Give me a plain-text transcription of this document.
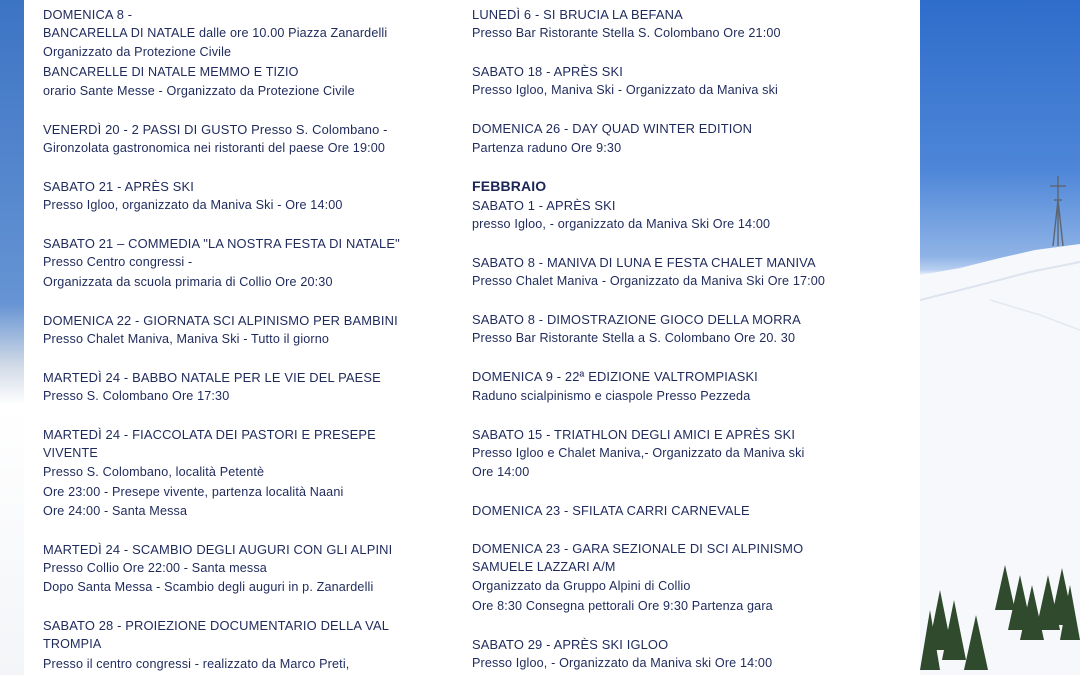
DOMENICA 8 -
BANCARELLA DI NATALE dalle ore 10.00 Piazza Zanardelli
Organizzato da Protezione Civile
BANCARELLE DI NATALE MEMMO E TIZIO
orario Sante Messe - Organizzato da Protezione Civile
VENERDÌ 20 - 2 PASSI DI GUSTO Presso S. Colombano -
Gironzolata gastronomica nei ristoranti del paese Ore 19:00
SABATO 21 - APRÈS SKI
Presso Igloo, organizzato da Maniva Ski - Ore 14:00
SABATO 21 – COMMEDIA "LA NOSTRA FESTA DI NATALE"
Presso Centro congressi -
Organizzata da scuola primaria di Collio Ore 20:30
DOMENICA 22 - GIORNATA SCI ALPINISMO PER BAMBINI
Presso Chalet Maniva, Maniva Ski - Tutto il giorno
MARTEDÌ 24 - BABBO NATALE PER LE VIE DEL PAESE
Presso S. Colombano Ore 17:30
MARTEDÌ 24 - FIACCOLATA DEI PASTORI E PRESEPE
VIVENTE
Presso S. Colombano, località Petentè
Ore 23:00 - Presepe vivente, partenza località Naani
Ore 24:00 - Santa Messa
MARTEDÌ 24 - SCAMBIO DEGLI AUGURI CON GLI ALPINI
Presso Collio Ore 22:00 - Santa messa
Dopo Santa Messa - Scambio degli auguri in p. Zanardelli
SABATO 28 - PROIEZIONE DOCUMENTARIO DELLA VAL
TROMPIA
Presso il centro congressi - realizzato da Marco Preti,
LUNEDÌ 6 - SI BRUCIA LA BEFANA
Presso Bar Ristorante Stella S. Colombano Ore 21:00
SABATO 18 - APRÈS SKI
Presso Igloo, Maniva Ski - Organizzato da Maniva ski
DOMENICA 26 - DAY QUAD WINTER EDITION
Partenza raduno Ore 9:30
FEBBRAIO
SABATO 1 - APRÈS SKI
presso Igloo, - organizzato da Maniva Ski Ore 14:00
SABATO 8 - MANIVA DI LUNA E FESTA CHALET MANIVA
Presso Chalet Maniva - Organizzato da Maniva Ski Ore 17:00
SABATO 8 - DIMOSTRAZIONE GIOCO DELLA MORRA
Presso Bar Ristorante Stella a S. Colombano Ore 20. 30
DOMENICA 9 - 22ª EDIZIONE VALTROMPIASKI
Raduno scialpinismo e ciaspole Presso Pezzeda
SABATO 15 - TRIATHLON DEGLI AMICI E APRÈS SKI
Presso Igloo e Chalet Maniva,- Organizzato da Maniva ski
Ore 14:00
DOMENICA 23 - SFILATA CARRI CARNEVALE
DOMENICA 23 - GARA SEZIONALE DI SCI ALPINISMO
SAMUELE LAZZARI A/M
Organizzato da Gruppo Alpini di Collio
Ore 8:30 Consegna pettorali Ore 9:30 Partenza gara
SABATO 29 - APRÈS SKI IGLOO
Presso Igloo, - Organizzato da Maniva ski Ore 14:00
